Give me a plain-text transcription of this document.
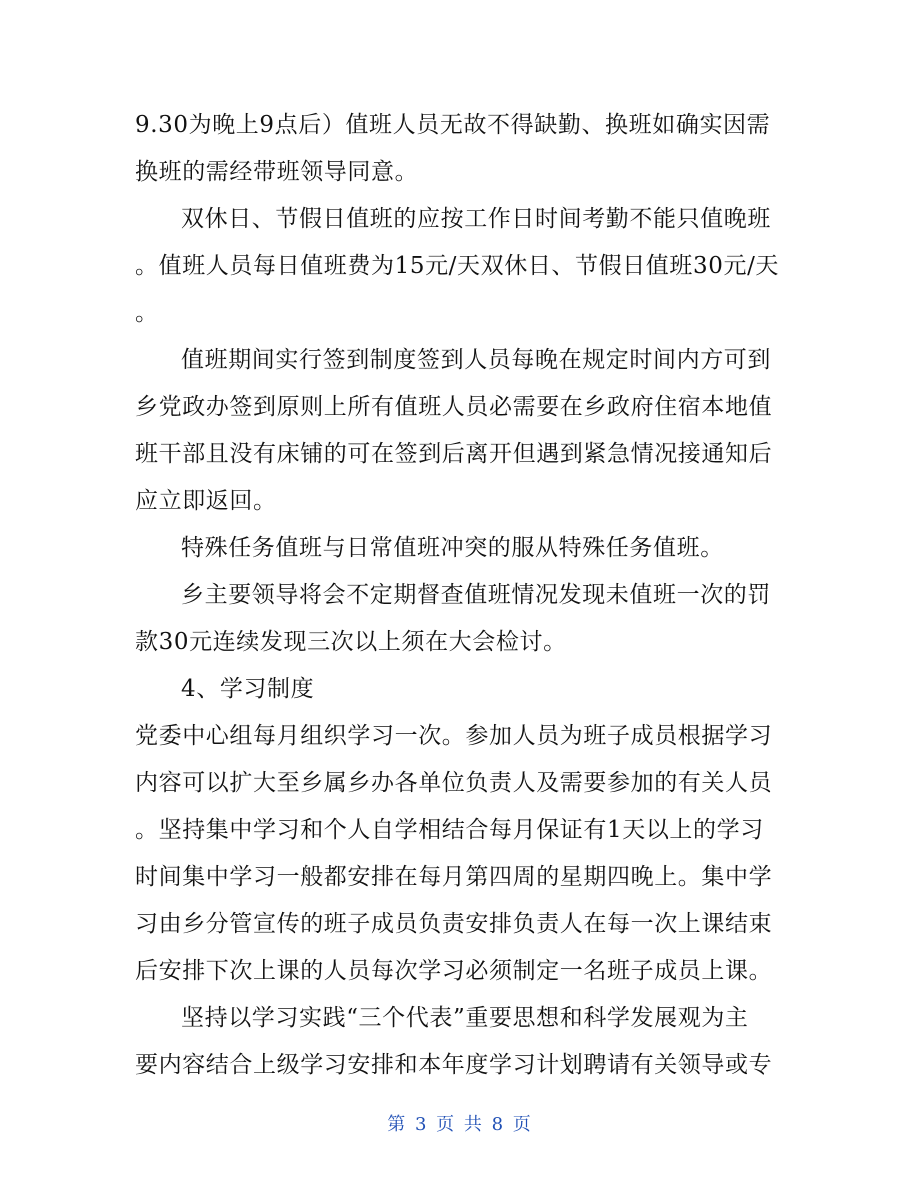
9.30为晚上9点后）值班人员无故不得缺勤、换班如确实因需
换班的需经带班领导同意。
双休日、节假日值班的应按工作日时间考勤不能只值晚班
。值班人员每日值班费为15元/天双休日、节假日值班30元/天
。
值班期间实行签到制度签到人员每晚在规定时间内方可到
乡党政办签到原则上所有值班人员必需要在乡政府住宿本地值
班干部且没有床铺的可在签到后离开但遇到紧急情况接通知后
应立即返回。
特殊任务值班与日常值班冲突的服从特殊任务值班。
乡主要领导将会不定期督查值班情况发现未值班一次的罚
款30元连续发现三次以上须在大会检讨。
4、学习制度
党委中心组每月组织学习一次。参加人员为班子成员根据学习
内容可以扩大至乡属乡办各单位负责人及需要参加的有关人员
。坚持集中学习和个人自学相结合每月保证有1天以上的学习
时间集中学习一般都安排在每月第四周的星期四晚上。集中学
习由乡分管宣传的班子成员负责安排负责人在每一次上课结束
后安排下次上课的人员每次学习必须制定一名班子成员上课。
坚持以学习实践“三个代表”重要思想和科学发展观为主
要内容结合上级学习安排和本年度学习计划聘请有关领导或专
第 3 页 共 8 页
